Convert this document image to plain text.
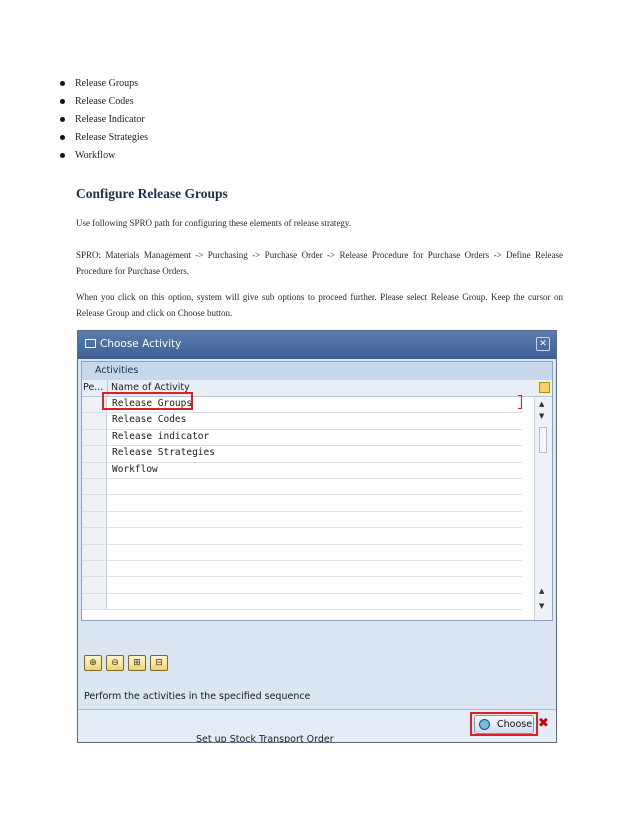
Release Groups
Release Codes
Release Indicator
Release Strategies
Workflow
Configure Release Groups

Use following SPRO path for configuring these elements of release strategy.

SPRO: Materials Management -> Purchasing -> Purchase Order -> Release Procedure for Purchase Orders -> Define Release Procedure for Purchase Orders.

When you click on this option, system will give sub options to proceed further. Please select Release Group. Keep the cursor on Release Group and click on Choose button.

Choose Activity	✕
Activities
Pe... Name of Activity
Release Groups
Release Codes
Release indicator
Release Strategies
Workflow
▲
▼
▲
▼
⊕	⊖	⊞	⊟
Perform the activities in the specified sequence
Choose ✖
Set up Stock Transport Order
